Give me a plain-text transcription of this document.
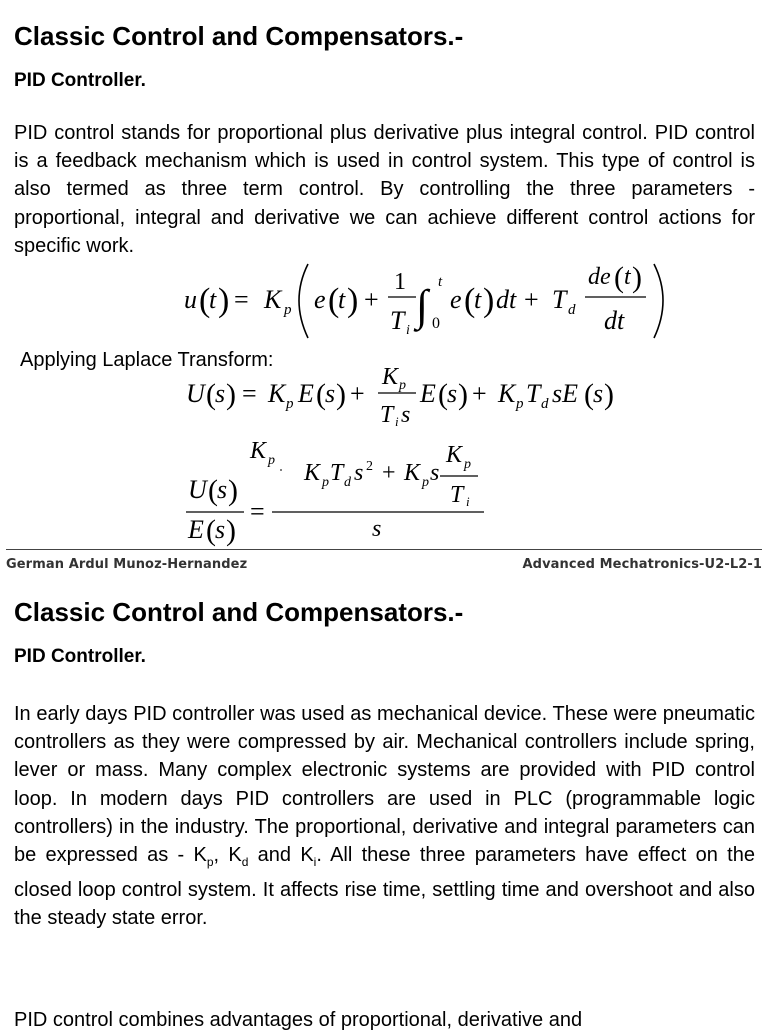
Classic Control and Compensators.-
PID Controller.
PID control stands for proportional plus derivative plus integral control. PID control is a feedback mechanism which is used in control system. This type of control is also termed as three term control. By controlling the three parameters - proportional, integral and derivative we can achieve different control actions for specific work.
u (
t ) = K p e (
t ) +
1
T i
∫ t
0
e (
t ) dt + T d
de ( t )
dt
Applying Laplace Transform:
U ( s ) = K p E ( s ) +
K p
T i s
E ( s ) + K p T d sE ( s )
K p	K p
T i
K p T d s 2 + K p s
s
U ( s )
E ( s )
=
German Ardul Munoz-Hernandez	Advanced Mechatronics-U2-L2-1
Classic Control and Compensators.-
PID Controller.
In early days PID controller was used as mechanical device. These were pneumatic controllers as they were compressed by air. Mechanical controllers include spring, lever or mass. Many complex electronic systems are provided with PID control loop. In modern days PID controllers are used in PLC (programmable logic controllers) in the industry. The proportional, derivative and integral parameters can be expressed as - $K_p$, $K_d$ and $K_i$. All these three parameters have effect on the closed loop control system. It affects rise time, settling time and overshoot and also the steady state error.
PID control combines advantages of proportional, derivative and
